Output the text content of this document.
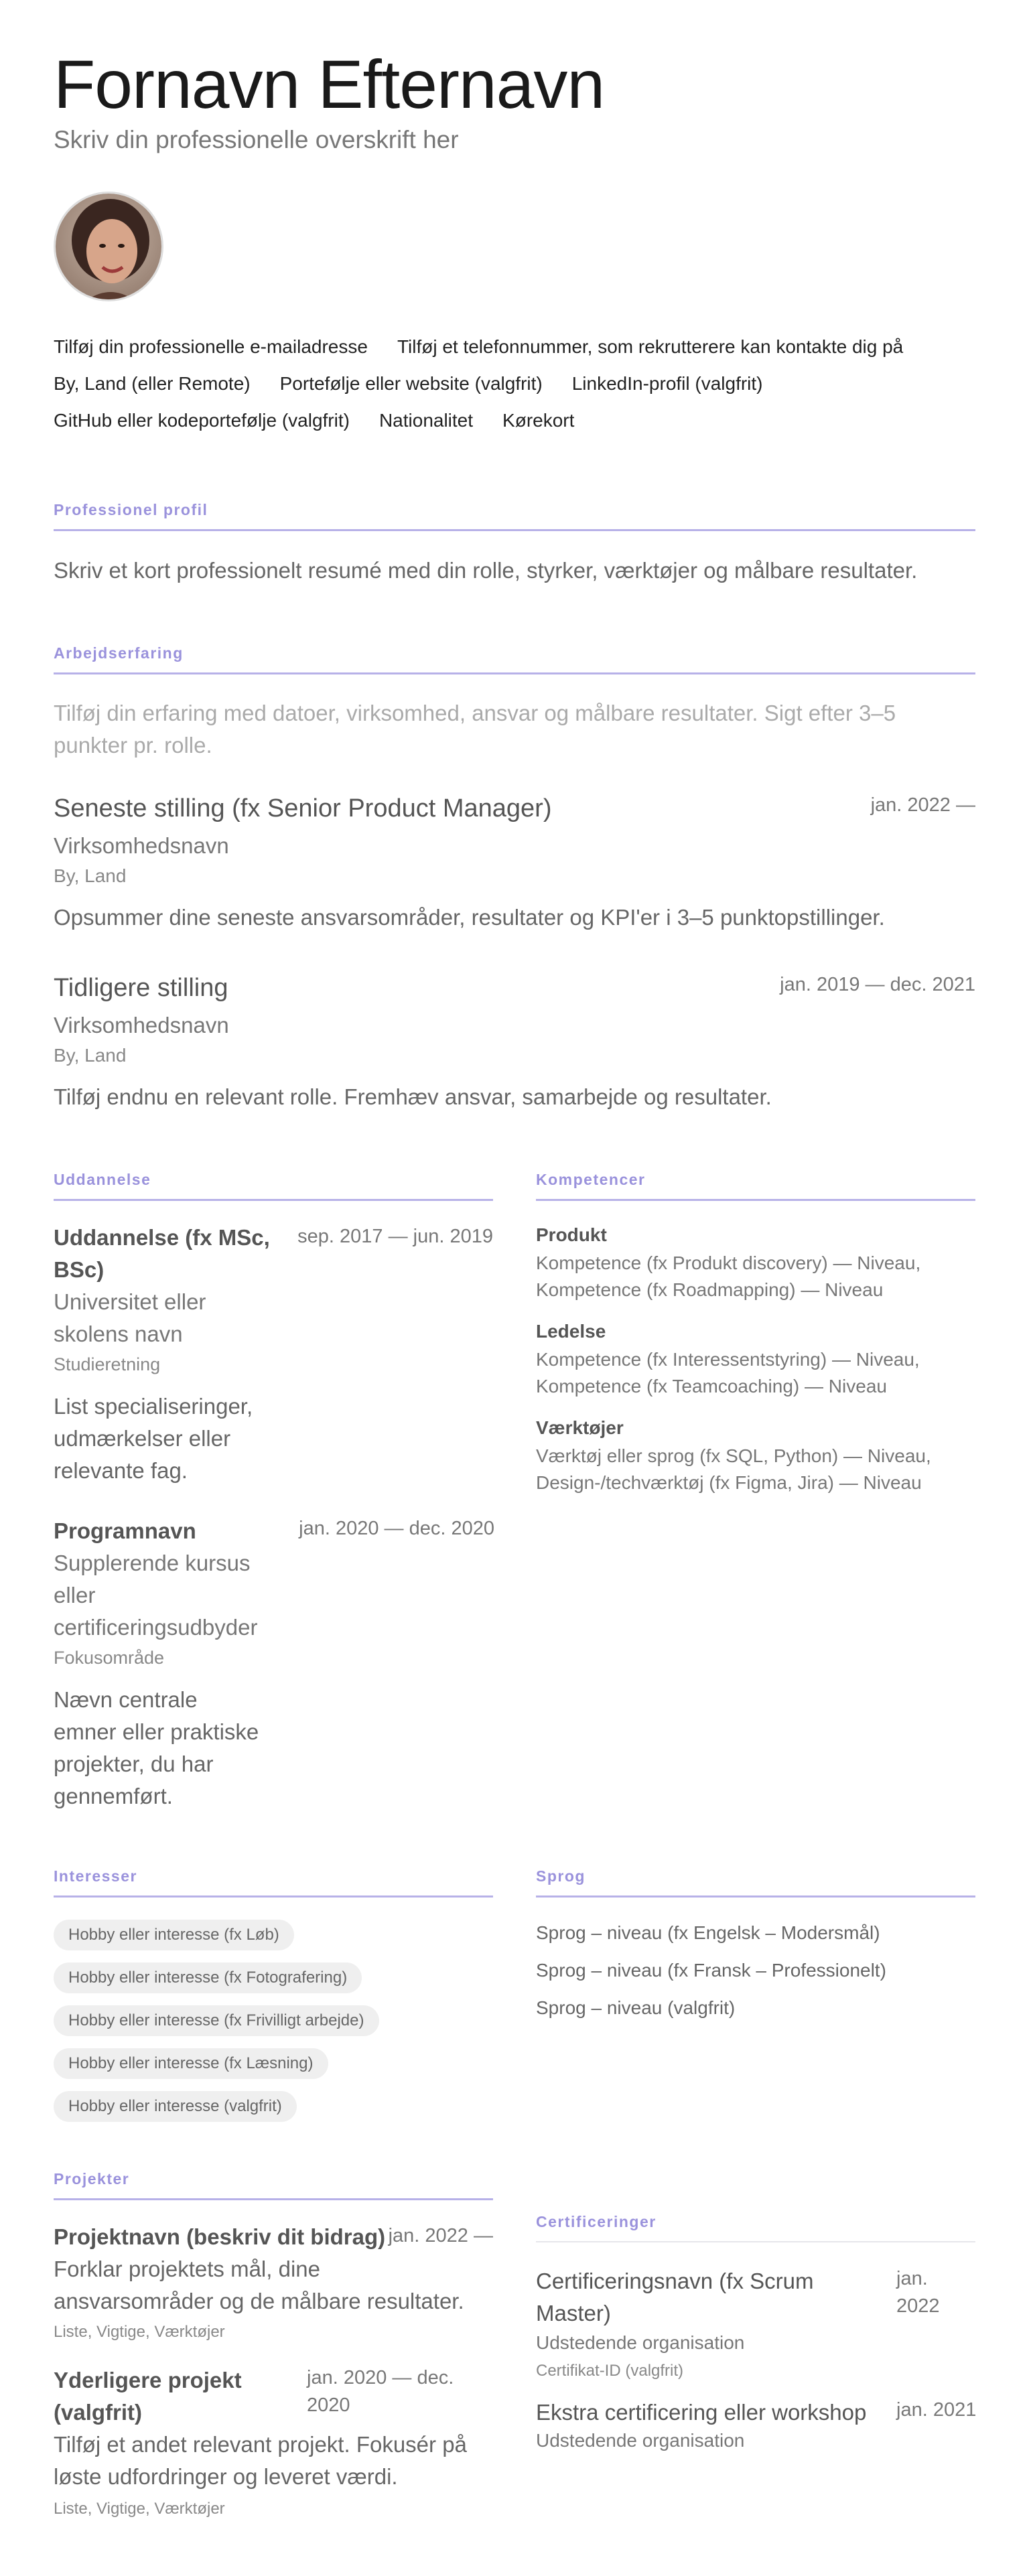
Fornavn Efternavn
Skriv din professionelle overskrift her
Tilføj din professionelle e-mailadresse Tilføj et telefonnummer, som rekrutterere kan kontakte dig på
By, Land (eller Remote) Portefølje eller website (valgfrit) LinkedIn-profil (valgfrit)
GitHub eller kodeportefølje (valgfrit) Nationalitet Kørekort
Professionel profil
Skriv et kort professionelt resumé med din rolle, styrker, værktøjer og målbare resultater.
Arbejdserfaring
Tilføj din erfaring med datoer, virksomhed, ansvar og målbare resultater. Sigt efter 3–5
punkter pr. rolle.
Seneste stilling (fx Senior Product Manager)	jan. 2022 —
Virksomhedsnavn
By, Land
Opsummer dine seneste ansvarsområder, resultater og KPI'er i 3–5 punktopstillinger.
Tidligere stilling	jan. 2019 — dec. 2021
Virksomhedsnavn
By, Land
Tilføj endnu en relevant rolle. Fremhæv ansvar, samarbejde og resultater.
Uddannelse
Uddannelse (fx MSc,
BSc)
sep. 2017 — jun. 2019
Universitet eller
skolens navn
Studieretning
List specialiseringer,
udmærkelser eller
relevante fag.
Programnavn	jan. 2020 — dec. 2020
Supplerende kursus
eller
certificeringsudbyder
Fokusområde
Nævn centrale
emner eller praktiske
projekter, du har
gennemført.
Kompetencer
Produkt
Kompetence (fx Produkt discovery) — Niveau,
Kompetence (fx Roadmapping) — Niveau
Ledelse
Kompetence (fx Interessentstyring) — Niveau,
Kompetence (fx Teamcoaching) — Niveau
Værktøjer
Værktøj eller sprog (fx SQL, Python) — Niveau,
Design-/techværktøj (fx Figma, Jira) — Niveau
Interesser
Hobby eller interesse (fx Løb)
Hobby eller interesse (fx Fotografering)
Hobby eller interesse (fx Frivilligt arbejde)
Hobby eller interesse (fx Læsning)
Hobby eller interesse (valgfrit)
Sprog
Sprog – niveau (fx Engelsk – Modersmål)
Sprog – niveau (fx Fransk – Professionelt)
Sprog – niveau (valgfrit)
Projekter
Projektnavn (beskriv dit bidrag) jan. 2022 —
Forklar projektets mål, dine
ansvarsområder og de målbare resultater.
Liste, Vigtige, Værktøjer
Yderligere projekt
(valgfrit)
jan. 2020 — dec.
2020
Tilføj et andet relevant projekt. Fokusér på
løste udfordringer og leveret værdi.
Liste, Vigtige, Værktøjer
Certificeringer
Certificeringsnavn (fx Scrum
Master)
jan.
2022
Udstedende organisation
Certifikat-ID (valgfrit)
Ekstra certificering eller workshop jan. 2021
Udstedende organisation
